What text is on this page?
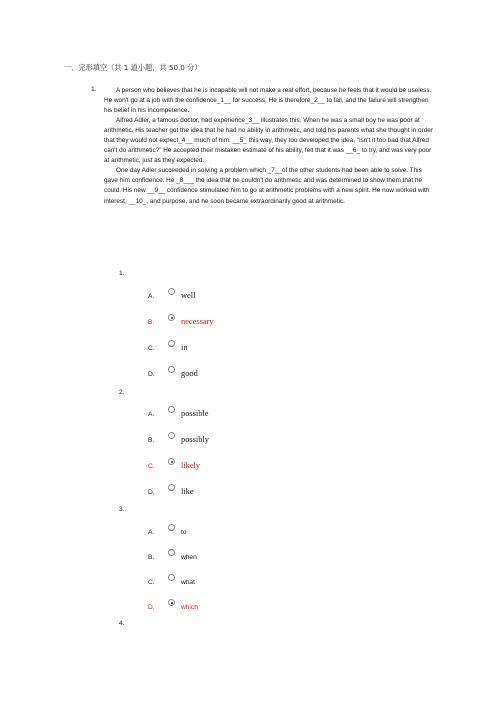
一、完形填空（共 1 道小题，共 50.0 分）
1.	A person who believes that he is incapable will not make a real effort, because he feels that it would be useless. He won't go at a job with the confidence_1__ for success. He is therefore_2__ to fail, and the failure will strengthen his belief in his incompetence.

Alfred Adler, a famous doctor, had experience_3__ illustrates this. When he was a small boy he was poor at arithmetic. His teacher got the idea that he had no ability in arithmetic, and told his parents what she thought in order that they would not expect_4__ much of him. __5_ this way, they too developed the idea, "isn't it too bad that Alfred can't do arithmetic?" He accepted their mistaken estimate of his ability, felt that it was __6_ to try, and was very poor at arithmetic, just as they expected.

One day Adler succeeded in solving a problem which _7__of the other students had been able to solve. This gave him confidence. He _8___ the idea that he couldn't do arithmetic and was determined to show them that he could. His new __9__ confidence stimulated him to go at arithmetic problems with a new spirit. He now worked with interest, __10_, and purpose, and he soon became extraordinarily good at arithmetic.

1.
A.	well
B.	necessary
C.	in
D.	good
2.
A.	possible
B.	possibly
C.	likely
D.	like
3.
A.	to
B.	when
C.	what
D.	which
4.
